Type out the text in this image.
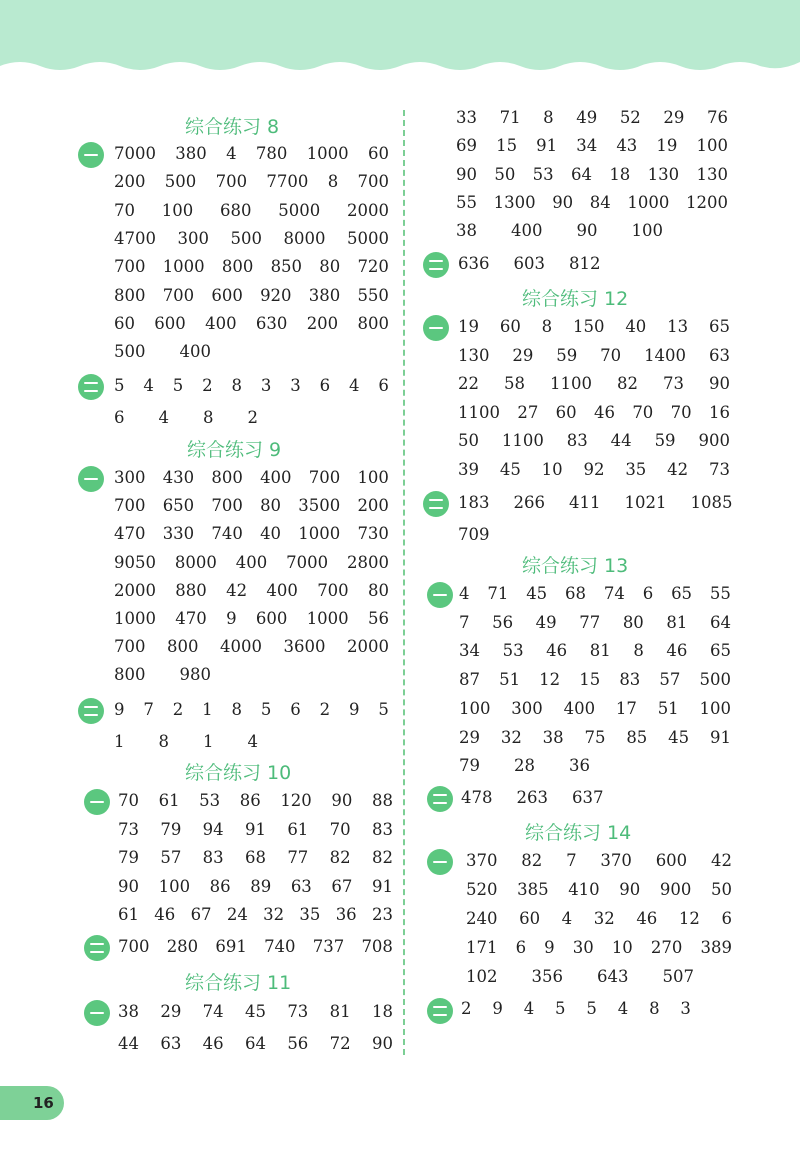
综合练习 8
7000 380 4 780 1000 60
200 500 700 7700 8 700
70 100 680 5000 2000
4700 300 500 8000 5000
700 1000 800 850 80 720
800 700 600 920 380 550
60 600 400 630 200 800
500 400
5 4 5 2 8 3 3 6 4 6
6 4 8 2
综合练习 9
300 430 800 400 700 100
700 650 700 80 3500 200
470 330 740 40 1000 730
9050 8000 400 7000 2800
2000 880 42 400 700 80
1000 470 9 600 1000 56
700 800 4000 3600 2000
800 980
9 7 2 1 8 5 6 2 9 5
1 8 1 4
综合练习 10
70 61 53 86 120 90 88
73 79 94 91 61 70 83
79 57 83 68 77 82 82
90 100 86 89 63 67 91
61 46 67 24 32 35 36 23
700 280 691 740 737 708
综合练习 11
38 29 74 45 73 81 18
44 63 46 64 56 72 90
33 71 8 49 52 29 76
69 15 91 34 43 19 100
90 50 53 64 18 130 130
55 1300 90 84 1000 1200
38 400 90 100
636 603 812
综合练习 12
19 60 8 150 40 13 65
130 29 59 70 1400 63
22 58 1100 82 73 90
1100 27 60 46 70 70 16
50 1100 83 44 59 900
39 45 10 92 35 42 73
183 266 411 1021 1085
709
综合练习 13
4 71 45 68 74 6 65 55
7 56 49 77 80 81 64
34 53 46 81 8 46 65
87 51 12 15 83 57 500
100 300 400 17 51 100
29 32 38 75 85 45 91
79 28 36
478 263 637
综合练习 14
370 82 7 370 600 42
520 385 410 90 900 50
240 60 4 32 46 12 6
171 6 9 30 10 270 389
102 356 643 507
2 9 4 5 5 4 8 3
16
